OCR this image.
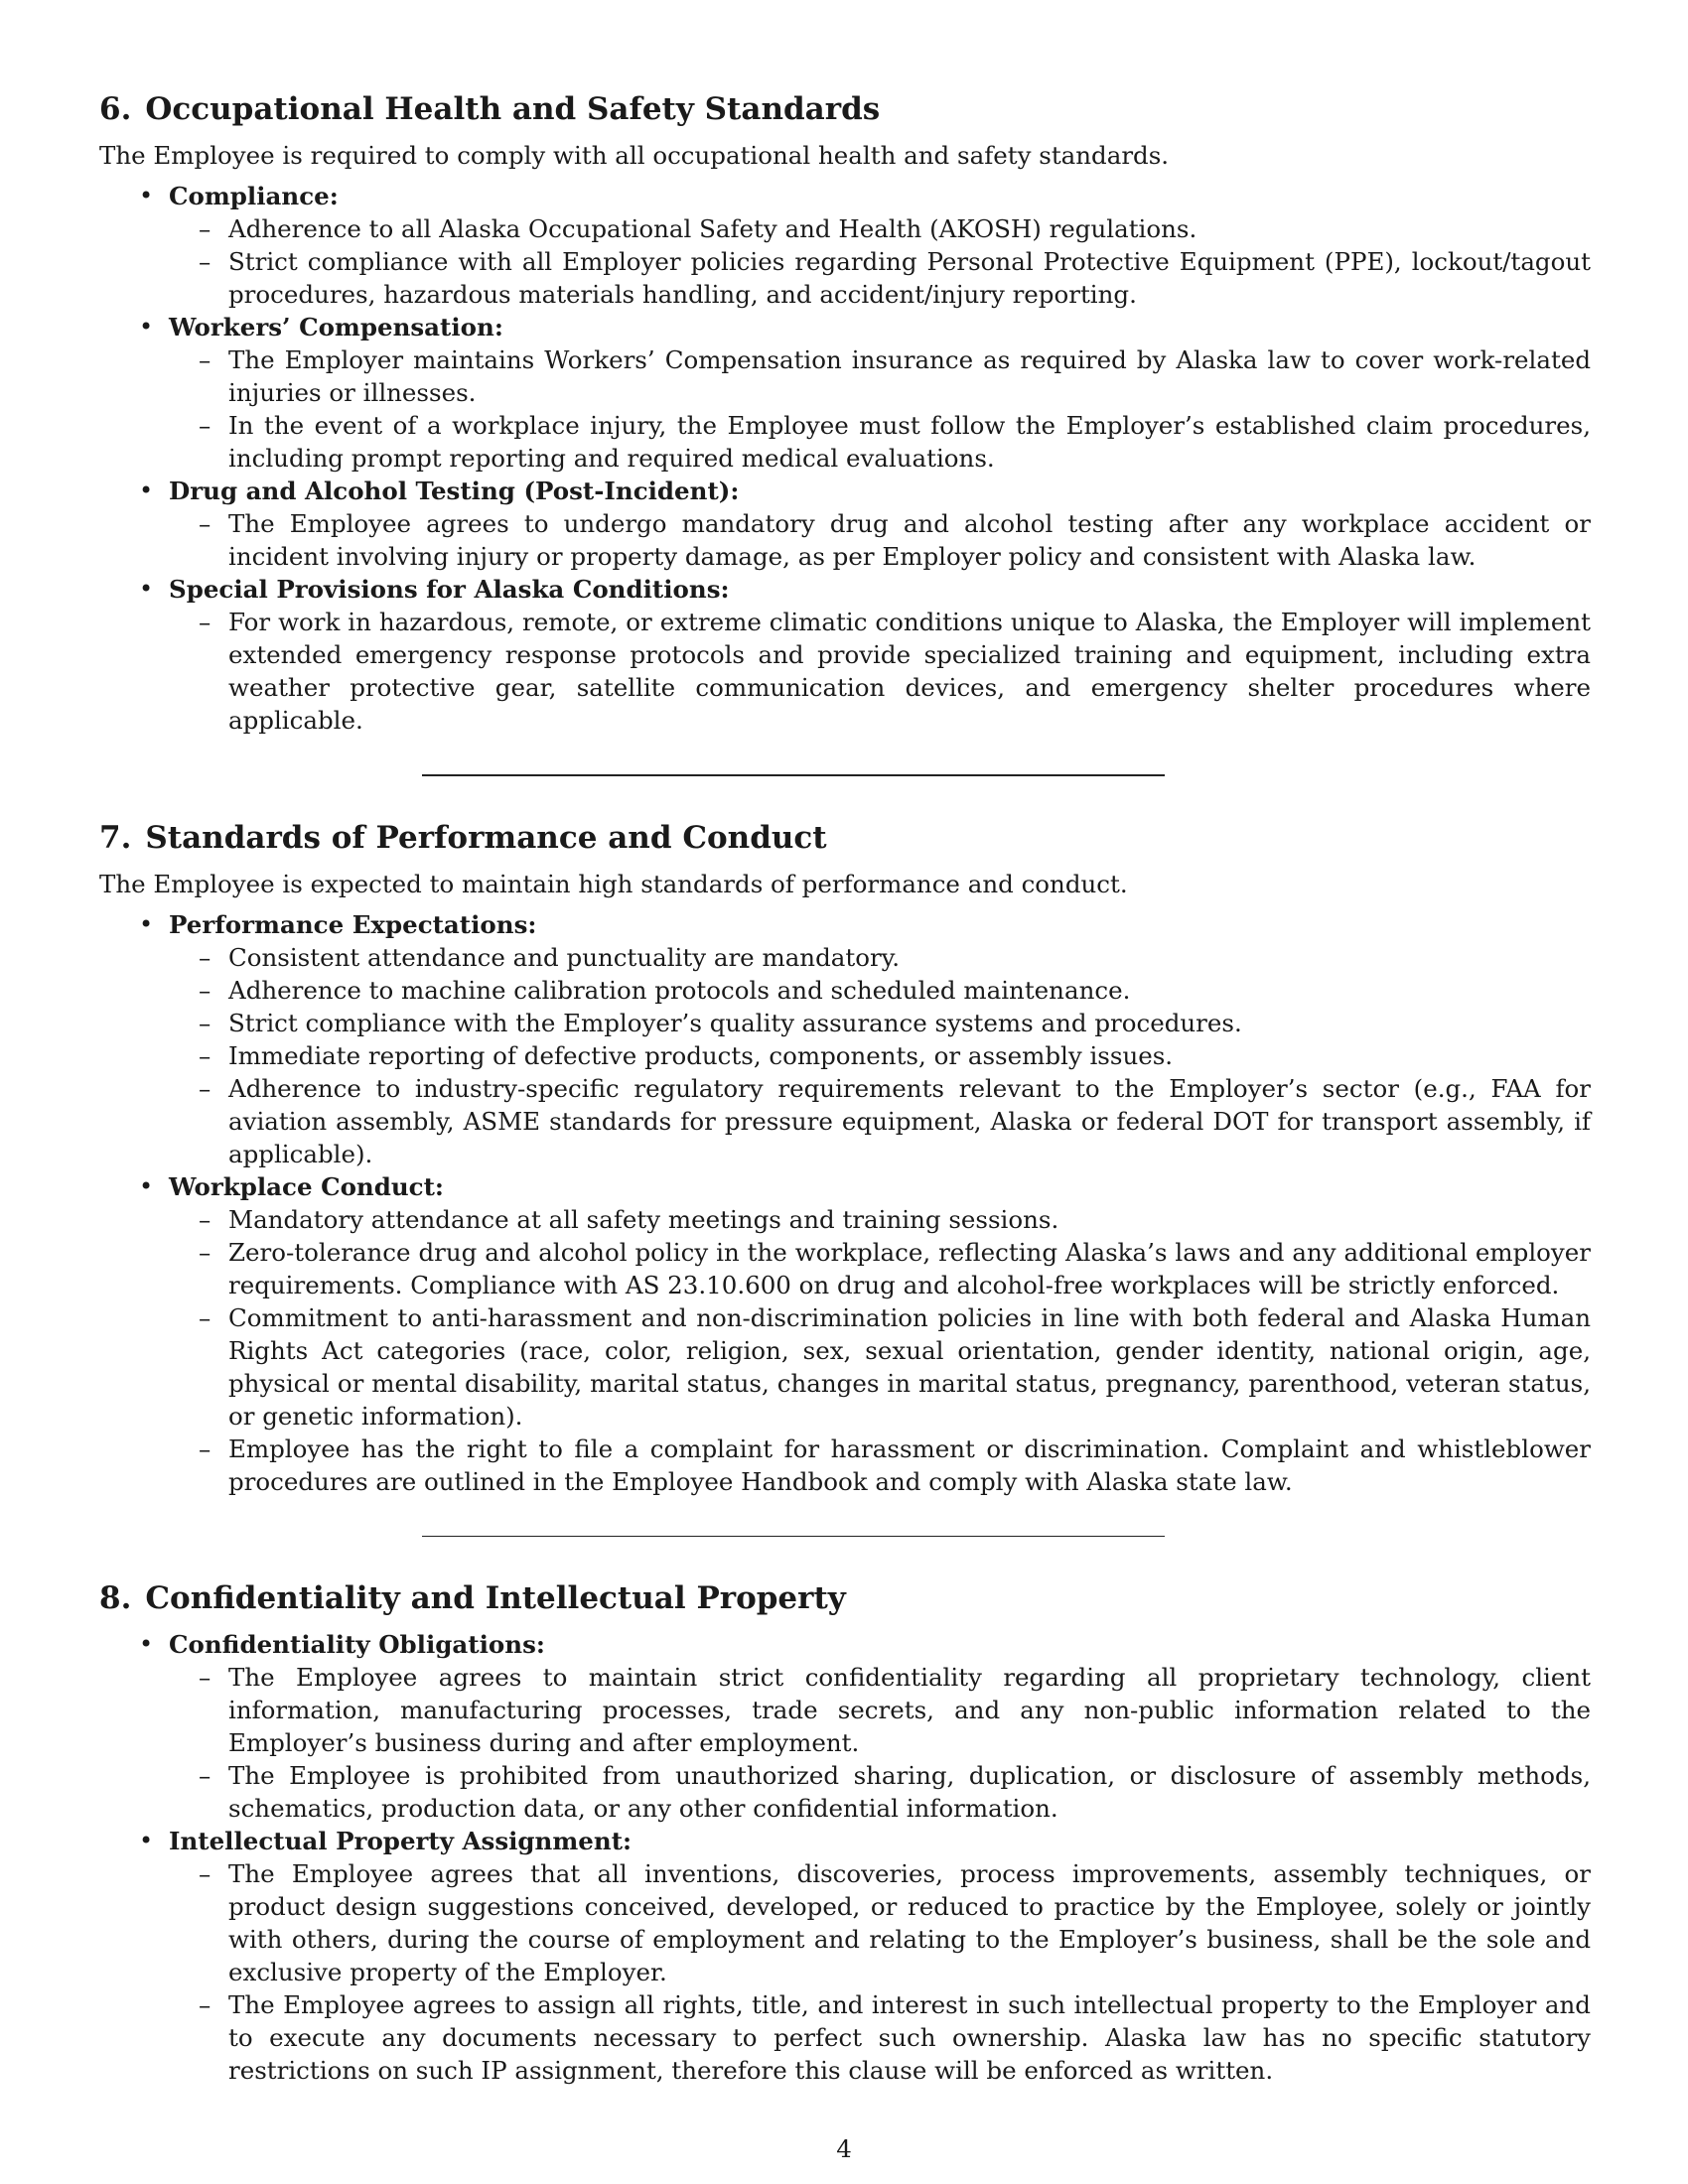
6. Occupational Health and Safety Standards

The Employee is required to comply with all occupational health and safety standards.

• Compliance:
– Adherence to all Alaska Occupational Safety and Health (AKOSH) regulations.
– Strict compliance with all Employer policies regarding Personal Protective Equipment (PPE), lockout/tagout procedures, hazardous materials handling, and accident/injury reporting.
• Workers’ Compensation:
– The Employer maintains Workers’ Compensation insurance as required by Alaska law to cover work-related injuries or illnesses.
– In the event of a workplace injury, the Employee must follow the Employer’s established claim procedures, including prompt reporting and required medical evaluations.
• Drug and Alcohol Testing (Post-Incident):
– The Employee agrees to undergo mandatory drug and alcohol testing after any workplace accident or incident involving injury or property damage, as per Employer policy and consistent with Alaska law.
• Special Provisions for Alaska Conditions:
– For work in hazardous, remote, or extreme climatic conditions unique to Alaska, the Employer will implement extended emergency response protocols and provide specialized training and equipment, including extra weather protective gear, satellite communication devices, and emergency shelter procedures where applicable.
7. Standards of Performance and Conduct

The Employee is expected to maintain high standards of performance and conduct.

• Performance Expectations:
– Consistent attendance and punctuality are mandatory.
– Adherence to machine calibration protocols and scheduled maintenance.
– Strict compliance with the Employer’s quality assurance systems and procedures.
– Immediate reporting of defective products, components, or assembly issues.
– Adherence to industry-specific regulatory requirements relevant to the Employer’s sector (e.g., FAA for aviation assembly, ASME standards for pressure equipment, Alaska or federal DOT for transport assembly, if applicable).
• Workplace Conduct:
– Mandatory attendance at all safety meetings and training sessions.
– Zero-tolerance drug and alcohol policy in the workplace, reflecting Alaska’s laws and any additional employer requirements. Compliance with AS 23.10.600 on drug and alcohol-free workplaces will be strictly enforced.
– Commitment to anti-harassment and non-discrimination policies in line with both federal and Alaska Human Rights Act categories (race, color, religion, sex, sexual orientation, gender identity, national origin, age, physical or mental disability, marital status, changes in marital status, pregnancy, parenthood, veteran status, or genetic information).
– Employee has the right to file a complaint for harassment or discrimination. Complaint and whistleblower procedures are outlined in the Employee Handbook and comply with Alaska state law.
8. Confidentiality and Intellectual Property
• Confidentiality Obligations:
– The Employee agrees to maintain strict confidentiality regarding all proprietary technology, client information, manufacturing processes, trade secrets, and any non-public information related to the Employer’s business during and after employment.
– The Employee is prohibited from unauthorized sharing, duplication, or disclosure of assembly methods, schematics, production data, or any other confidential information.
• Intellectual Property Assignment:
– The Employee agrees that all inventions, discoveries, process improvements, assembly techniques, or product design suggestions conceived, developed, or reduced to practice by the Employee, solely or jointly with others, during the course of employment and relating to the Employer’s business, shall be the sole and exclusive property of the Employer.
– The Employee agrees to assign all rights, title, and interest in such intellectual property to the Employer and to execute any documents necessary to perfect such ownership. Alaska law has no specific statutory restrictions on such IP assignment, therefore this clause will be enforced as written.
4
